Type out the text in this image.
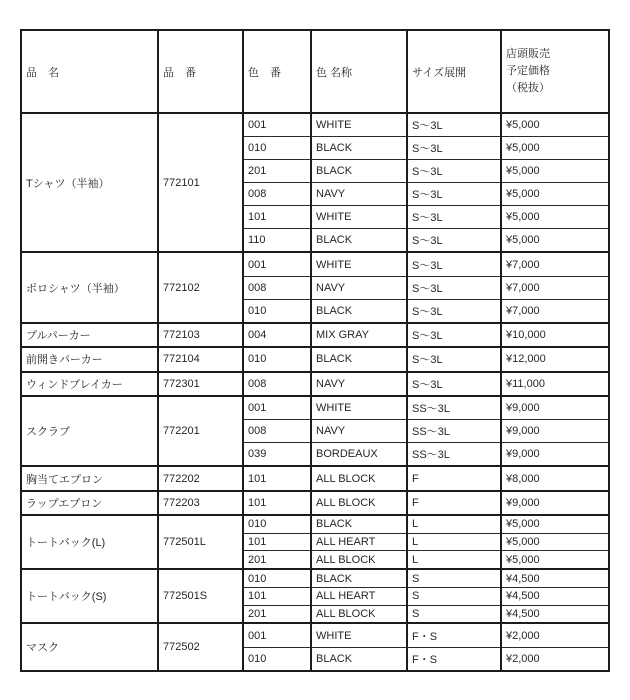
品　名	品　番	色　番	色 名称	サイズ展開	店頭販売
予定価格
（税抜）

Tシャツ（半袖）	772101	001	WHITE	S〜3L	¥5,000
		010	BLACK	S〜3L	¥5,000
		201	BLACK	S〜3L	¥5,000
		008	NAVY	S〜3L	¥5,000
		101	WHITE	S〜3L	¥5,000
		110	BLACK	S〜3L	¥5,000
ポロシャツ（半袖）	772102	001	WHITE	S〜3L	¥7,000
		008	NAVY	S〜3L	¥7,000
		010	BLACK	S〜3L	¥7,000
プルパーカー	772103	004	MIX GRAY	S〜3L	¥10,000
前開きパーカー	772104	010	BLACK	S〜3L	¥12,000
ウィンドブレイカー	772301	008	NAVY	S〜3L	¥11,000
スクラブ	772201	001	WHITE	SS〜3L	¥9,000
		008	NAVY	SS〜3L	¥9,000
		039	BORDEAUX	SS〜3L	¥9,000
胸当てエプロン	772202	101	ALL BLOCK	F	¥8,000
ラップエプロン	772203	101	ALL BLOCK	F	¥9,000
トートバック(L)	772501L	010	BLACK	L	¥5,000
		101	ALL HEART	L	¥5,000
		201	ALL BLOCK	L	¥5,000
トートバック(S)	772501S	010	BLACK	S	¥4,500
		101	ALL HEART	S	¥4,500
		201	ALL BLOCK	S	¥4,500
マスク	772502	001	WHITE	F・S	¥2,000
		010	BLACK	F・S	¥2,000
